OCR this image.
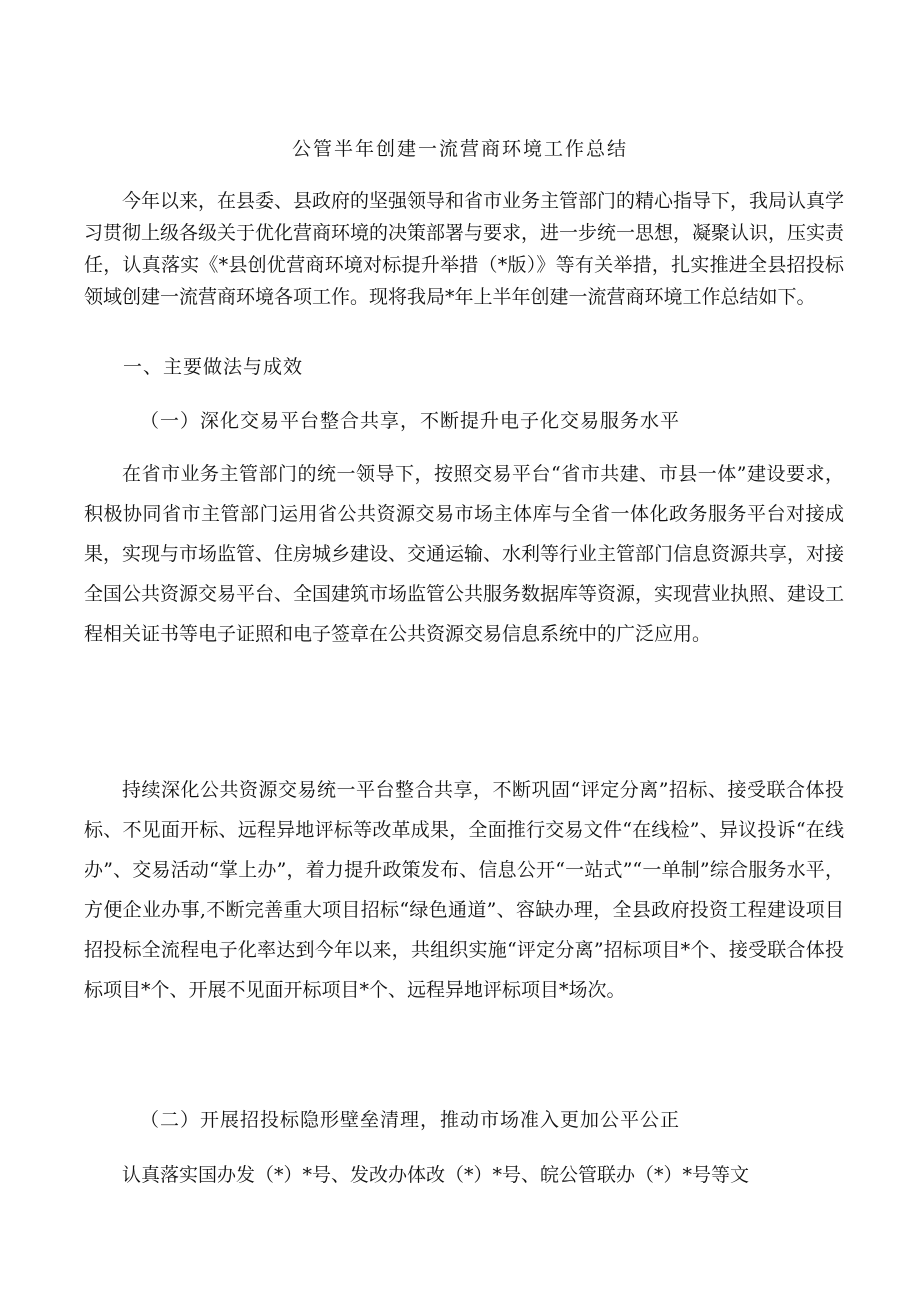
公管半年创建一流营商环境工作总结

今年以来，在县委、县政府的坚强领导和省市业务主管部门的精心指导下，我局认真学习贯彻上级各级关于优化营商环境的决策部署与要求，进一步统一思想，凝聚认识，压实责任，认真落实《*县创优营商环境对标提升举措（*版）》等有关举措，扎实推进全县招投标领域创建一流营商环境各项工作。现将我局*年上半年创建一流营商环境工作总结如下。

一、主要做法与成效
（一）深化交易平台整合共享，不断提升电子化交易服务水平

在省市业务主管部门的统一领导下，按照交易平台“省市共建、市县一体”建设要求，积极协同省市主管部门运用省公共资源交易市场主体库与全省一体化政务服务平台对接成果，实现与市场监管、住房城乡建设、交通运输、水利等行业主管部门信息资源共享，对接全国公共资源交易平台、全国建筑市场监管公共服务数据库等资源，实现营业执照、建设工程相关证书等电子证照和电子签章在公共资源交易信息系统中的广泛应用。

持续深化公共资源交易统一平台整合共享，不断巩固“评定分离”招标、接受联合体投标、不见面开标、远程异地评标等改革成果，全面推行交易文件“在线检”、异议投诉“在线办”、交易活动“掌上办”，着力提升政策发布、信息公开“一站式”“一单制”综合服务水平，方便企业办事,不断完善重大项目招标“绿色通道”、容缺办理，全县政府投资工程建设项目招投标全流程电子化率达到今年以来，共组织实施“评定分离”招标项目*个、接受联合体投标项目*个、开展不见面开标项目*个、远程异地评标项目*场次。

（二）开展招投标隐形壁垒清理，推动市场准入更加公平公正

认真落实国办发（*）*号、发改办体改（*）*号、皖公管联办（*）*号等文
